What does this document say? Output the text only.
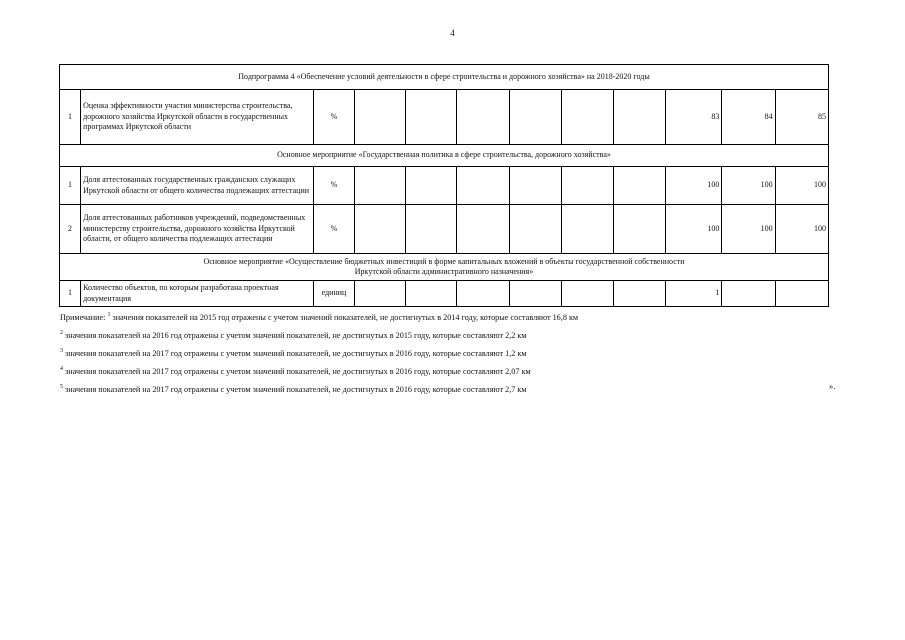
4
Подпрограмма 4 «Обеспечение условий деятельности в сфере строительства и дорожного хозяйства» на 2018-2020 годы											
1	Оценка эффективности участия министерства строительства, дорожного хозяйства Иркутской области в государственных программах Иркутской области	%							83	84	85
Основное мероприятие «Государственная политика в сфере строительства, дорожного хозяйства»											
1	Доля аттестованных государственных гражданских служащих Иркутской области от общего количества подлежащих аттестации	%							100	100	100
2	Доля аттестованных работников учреждений, подведомственных министерству строительства, дорожного хозяйства Иркутской области, от общего количества подлежащих аттестации	%							100	100	100

Основное мероприятие «Осуществление бюджетных инвестиций в форме капитальных вложений в объекты государственной собственности
Иркутской области административного назначения»											

1	Количество объектов, по которым разработана проектная документация	единиц							1		
Примечание: $^1$ значения показателей на 2015 год отражены с учетом значений показателей, не достигнутых в 2014 году, которые составляют 16,8 км
$^2$ значения показателей на 2016 год отражены с учетом значений показателей, не достигнутых в 2015 году, которые составляют 2,2 км
$^3$ значения показателей на 2017 год отражены с учетом значений показателей, не достигнутых в 2016 году, которые составляют 1,2 км
$^4$ значения показателей на 2017 год отражены с учетом значений показателей, не достигнутых в 2016 году, которые составляют 2,07 км
$^5$ значения показателей на 2017 год отражены с учетом значений показателей, не достигнутых в 2016 году, которые составляют 2,7 км	».
